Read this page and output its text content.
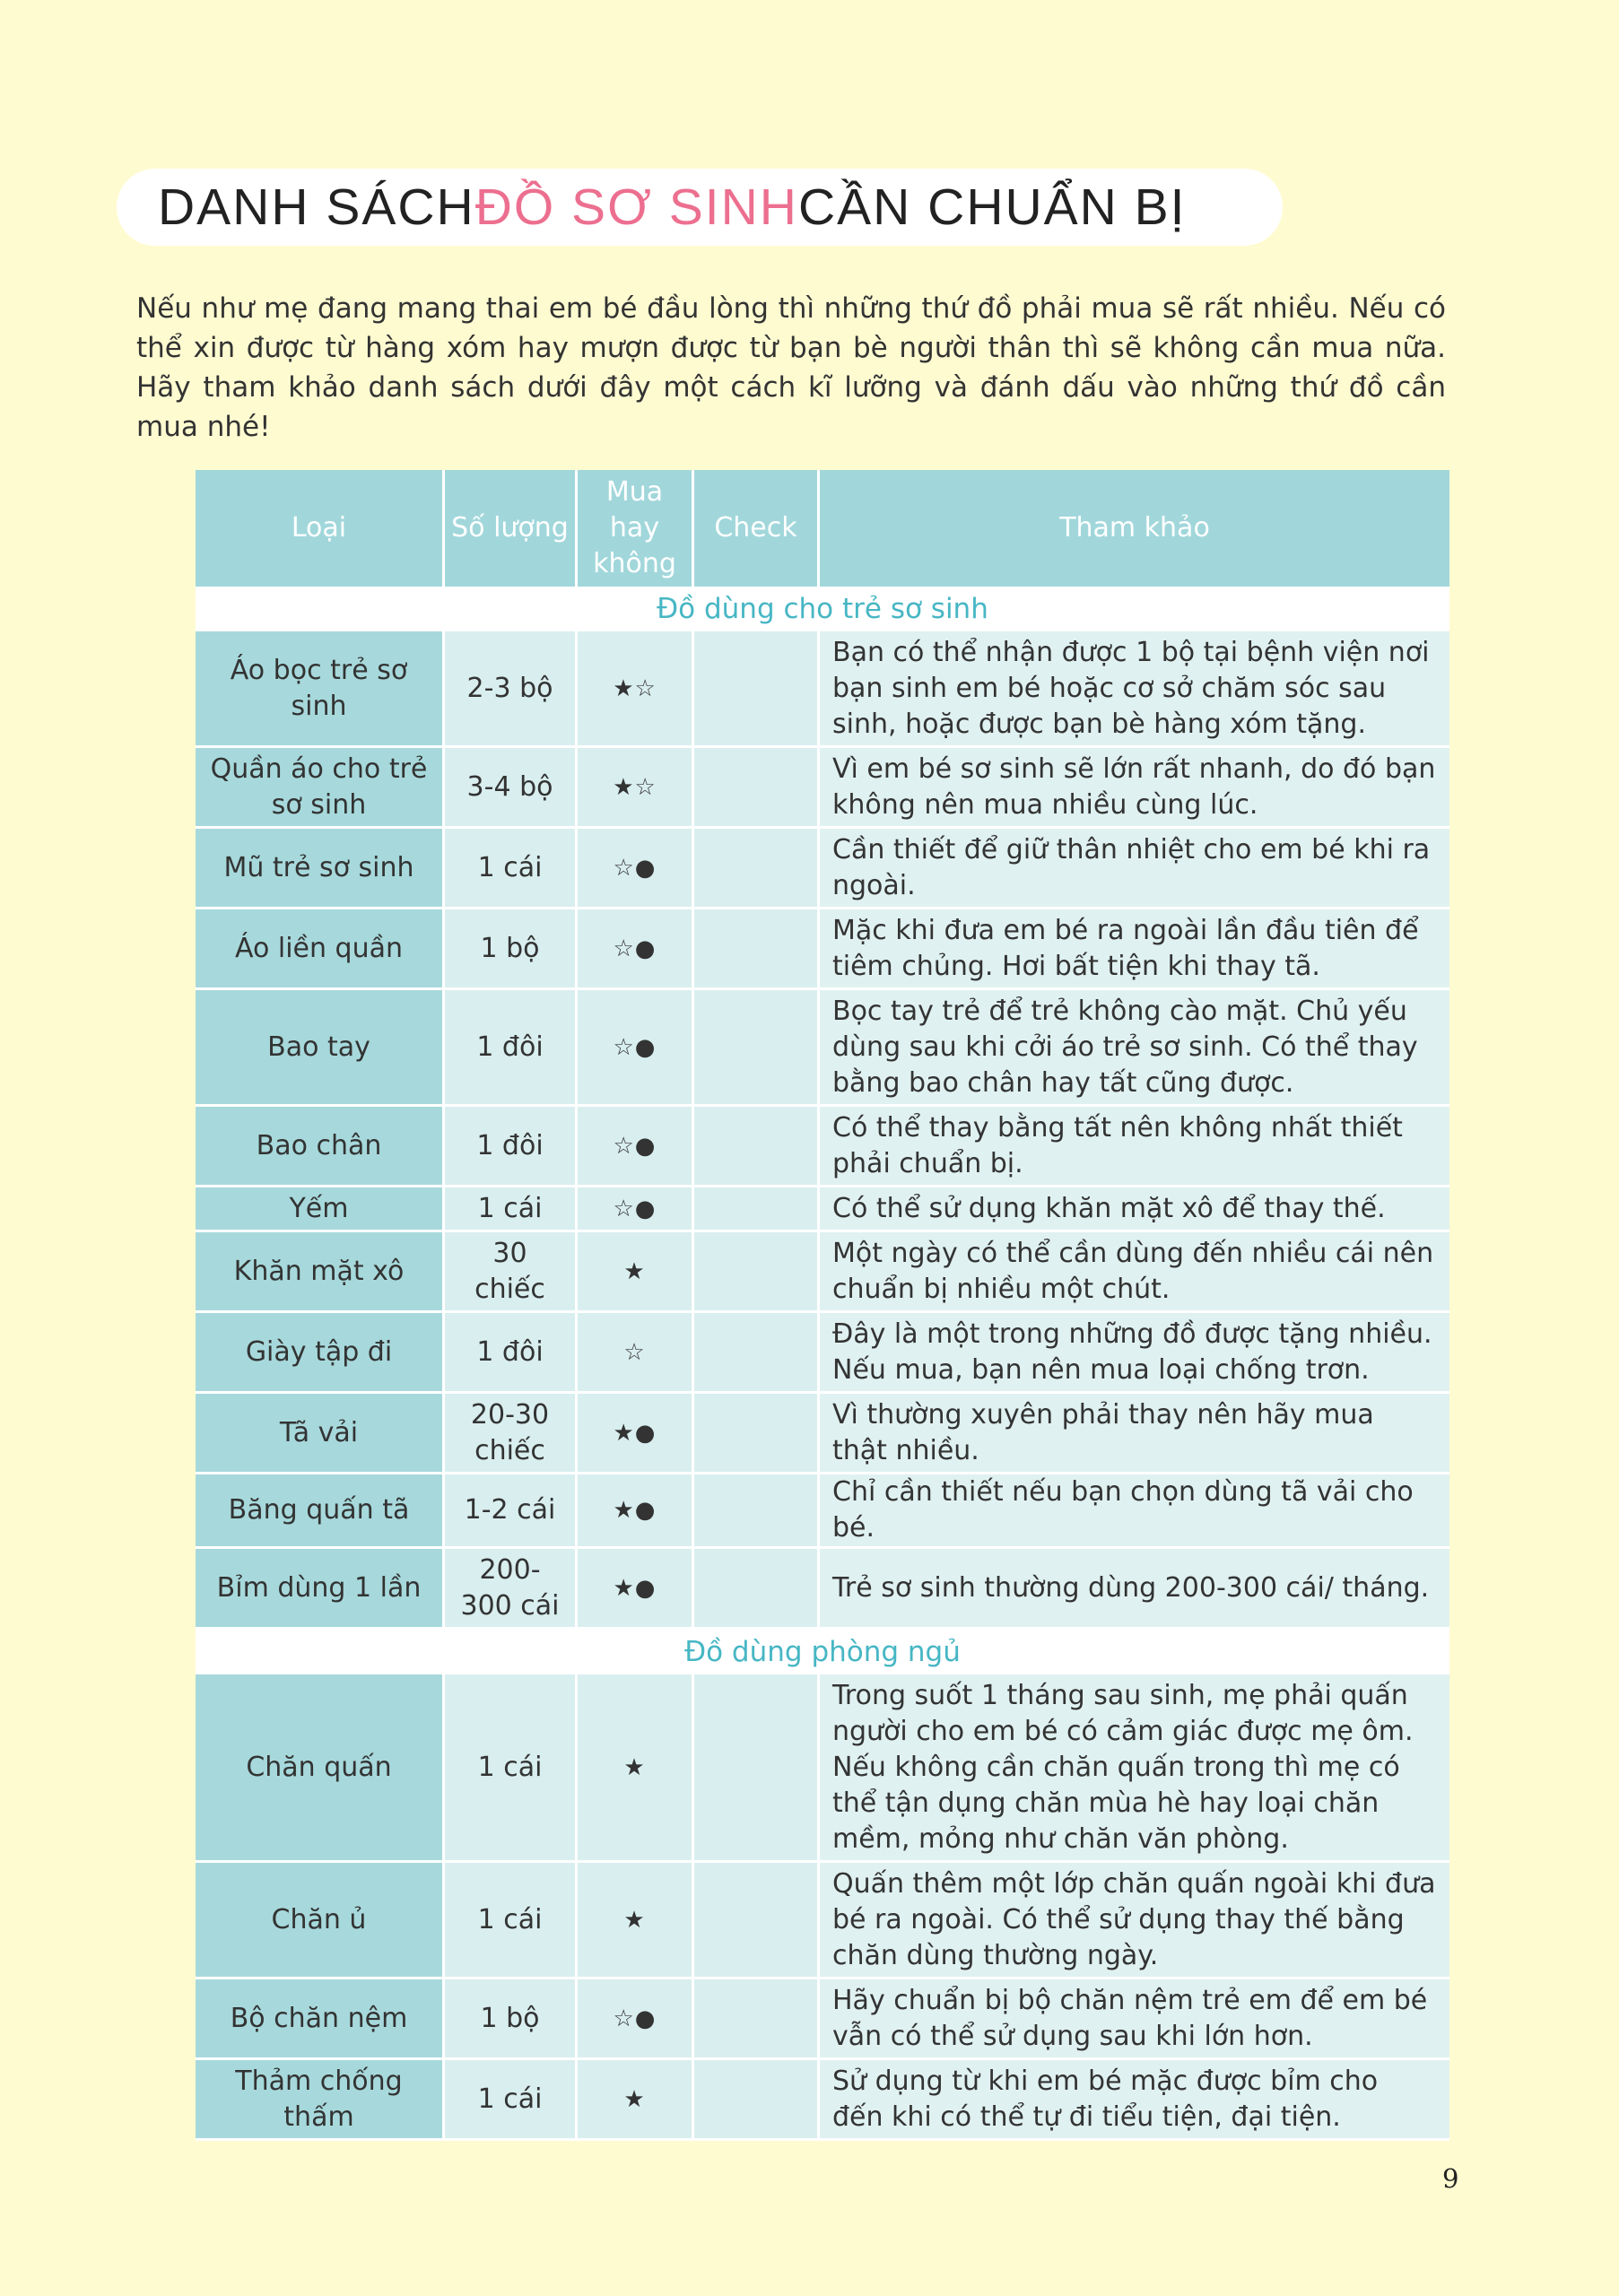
DANH SÁCH ĐỒ SƠ SINH CẦN CHUẨN BỊ

Nếu như mẹ đang mang thai em bé đầu lòng thì những thứ đồ phải mua sẽ rất nhiều. Nếu có thể xin được từ hàng xóm hay mượn được từ bạn bè người thân thì sẽ không cần mua nữa. Hãy tham khảo danh sách dưới đây một cách kĩ lưỡng và đánh dấu vào những thứ đồ cần mua nhé!

Loại	Số lượng	Mua hay không	Check	Tham khảo
Đồ dùng cho trẻ sơ sinh				
Áo bọc trẻ sơ sinh	2-3 bộ	★☆		Bạn có thể nhận được 1 bộ tại bệnh viện nơi bạn sinh em bé hoặc cơ sở chăm sóc sau sinh, hoặc được bạn bè hàng xóm tặng.
Quần áo cho trẻ sơ sinh	3-4 bộ	★☆		Vì em bé sơ sinh sẽ lớn rất nhanh, do đó bạn không nên mua nhiều cùng lúc.
Mũ trẻ sơ sinh	1 cái	☆●		Cần thiết để giữ thân nhiệt cho em bé khi ra ngoài.
Áo liền quần	1 bộ	☆●		Mặc khi đưa em bé ra ngoài lần đầu tiên để tiêm chủng. Hơi bất tiện khi thay tã.
Bao tay	1 đôi	☆●		Bọc tay trẻ để trẻ không cào mặt. Chủ yếu dùng sau khi cởi áo trẻ sơ sinh. Có thể thay bằng bao chân hay tất cũng được.
Bao chân	1 đôi	☆●		Có thể thay bằng tất nên không nhất thiết phải chuẩn bị.
Yếm	1 cái	☆●		Có thể sử dụng khăn mặt xô để thay thế.
Khăn mặt xô	30 chiếc	★		Một ngày có thể cần dùng đến nhiều cái nên chuẩn bị nhiều một chút.
Giày tập đi	1 đôi	☆		Đây là một trong những đồ được tặng nhiều. Nếu mua, bạn nên mua loại chống trơn.
Tã vải	20-30 chiếc	★●		Vì thường xuyên phải thay nên hãy mua thật nhiều.
Băng quấn tã	1-2 cái	★●		Chỉ cần thiết nếu bạn chọn dùng tã vải cho bé.
Bỉm dùng 1 lần	200-300 cái	★●		Trẻ sơ sinh thường dùng 200-300 cái/ tháng.
Đồ dùng phòng ngủ				
Chăn quấn	1 cái	★		Trong suốt 1 tháng sau sinh, mẹ phải quấn người cho em bé có cảm giác được mẹ ôm. Nếu không cần chăn quấn trong thì mẹ có thể tận dụng chăn mùa hè hay loại chăn mềm, mỏng như chăn văn phòng.
Chăn ủ	1 cái	★		Quấn thêm một lớp chăn quấn ngoài khi đưa bé ra ngoài. Có thể sử dụng thay thế bằng chăn dùng thường ngày.
Bộ chăn nệm	1 bộ	☆●		Hãy chuẩn bị bộ chăn nệm trẻ em để em bé vẫn có thể sử dụng sau khi lớn hơn.
Thảm chống thấm	1 cái	★		Sử dụng từ khi em bé mặc được bỉm cho đến khi có thể tự đi tiểu tiện, đại tiện.
9
